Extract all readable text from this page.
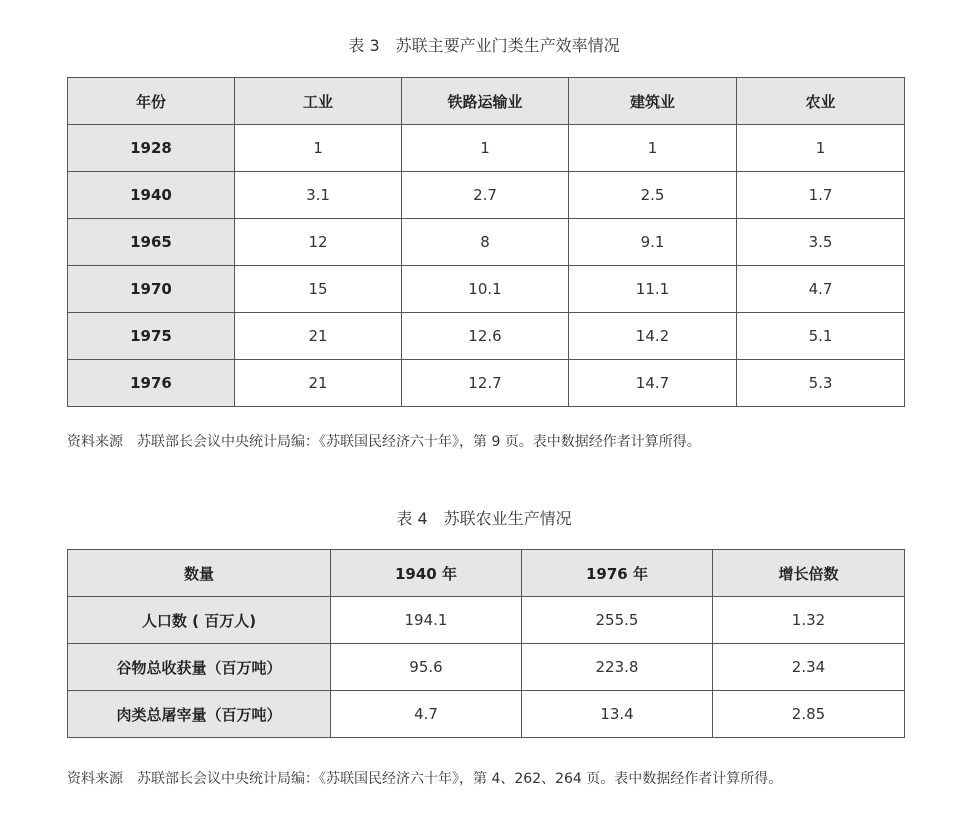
表 3　苏联主要产业门类生产效率情况
年份	工业	铁路运输业	建筑业	农业
1928	1	1	1	1
1940	3.1	2.7	2.5	1.7
1965	12	8	9.1	3.5
1970	15	10.1	11.1	4.7
1975	21	12.6	14.2	5.1
1976	21	12.7	14.7	5.3
资料来源　苏联部长会议中央统计局编：《苏联国民经济六十年》，第 9 页。表中数据经作者计算所得。
表 4　苏联农业生产情况
数量	1940 年	1976 年	增长倍数
人口数 ( 百万人)	194.1	255.5	1.32
谷物总收获量（百万吨）	95.6	223.8	2.34
肉类总屠宰量（百万吨）	4.7	13.4	2.85
资料来源　苏联部长会议中央统计局编：《苏联国民经济六十年》，第 4、262、264 页。表中数据经作者计算所得。
